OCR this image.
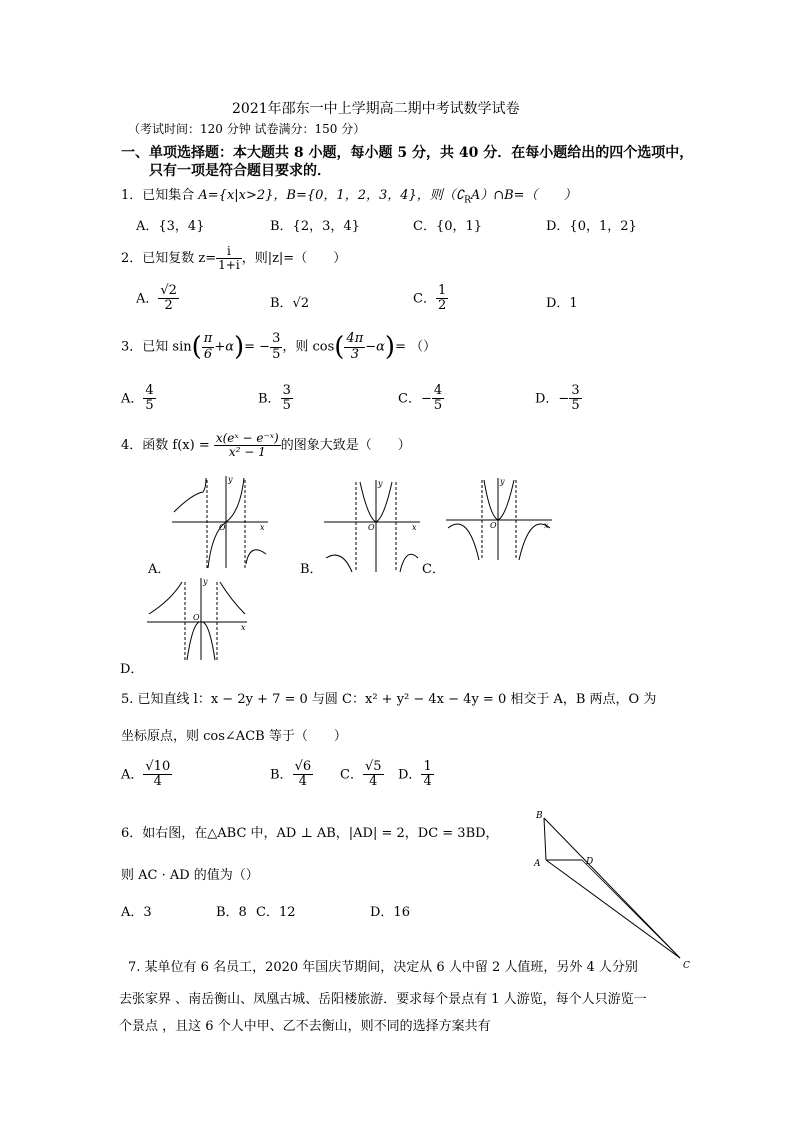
2021年邵东一中上学期高二期中考试数学试卷
（考试时间：120 分钟 试卷满分：150 分）
一、单项选择题：本大题共 8 小题，每小题 5 分，共 40 分．在每小题给出的四个选项中，
只有一项是符合题目要求的．
1．已知集合 A={x|x>2}，B={0，1，2，3，4}，则$(∁_RA)\cap B=$（　　）
A．{3，4}	B．{2，3，4}	C．{0，1}	D．{0，1，2}
2．已知复数 $z= \frac{i}{1+i}$ ，则|z|=（　　）
A． $\frac{√2}{2}$	B．√2	C． $\frac{1}{2}$	D．1
3．已知 $\sin( \frac{\pi}{6} +\alpha)= - \frac{3}{5}$ ，则 $\cos( \frac{4\pi}{3} -\alpha)=$ （）
A． $\frac{4}{5}$	B． $\frac{3}{5}$	C．− $\frac{4}{5}$	D．− $\frac{3}{5}$
4．函数 $f(x) = \frac{\text{x(eˣ − e⁻ˣ)}}{\text{x² − 1}}$ 的图象大致是（　　）
y
x
O
A．
y
x
O
B．
y
x
O
C．
y
x
O
D．
5. 已知直线 l：x − 2y + 7 = 0 与圆 C：x² + y² − 4x − 4y = 0 相交于 A，B 两点，O 为
坐标原点，则 cos∠ACB 等于（　　）
A． $\frac{√10}{4}$	B． $\frac{√6}{4}$ C． $\frac{√5}{4}$ D． $\frac{1}{4}$
6．如右图，在△ABC 中，AD ⊥ AB，|AD| = 2，DC = 3BD，
则 AC · AD 的值为（）
A．3	B．8 C．12	D．16
B
A	D
C
7. 某单位有 6 名员工，2020 年国庆节期间，决定从 6 人中留 2 人值班，另外 4 人分别
去张家界 、南岳衡山、凤凰古城、岳阳楼旅游．要求每个景点有 1 人游览，每个人只游览一
个景点 ，且这 6 个人中甲、乙不去衡山，则不同的选择方案共有
